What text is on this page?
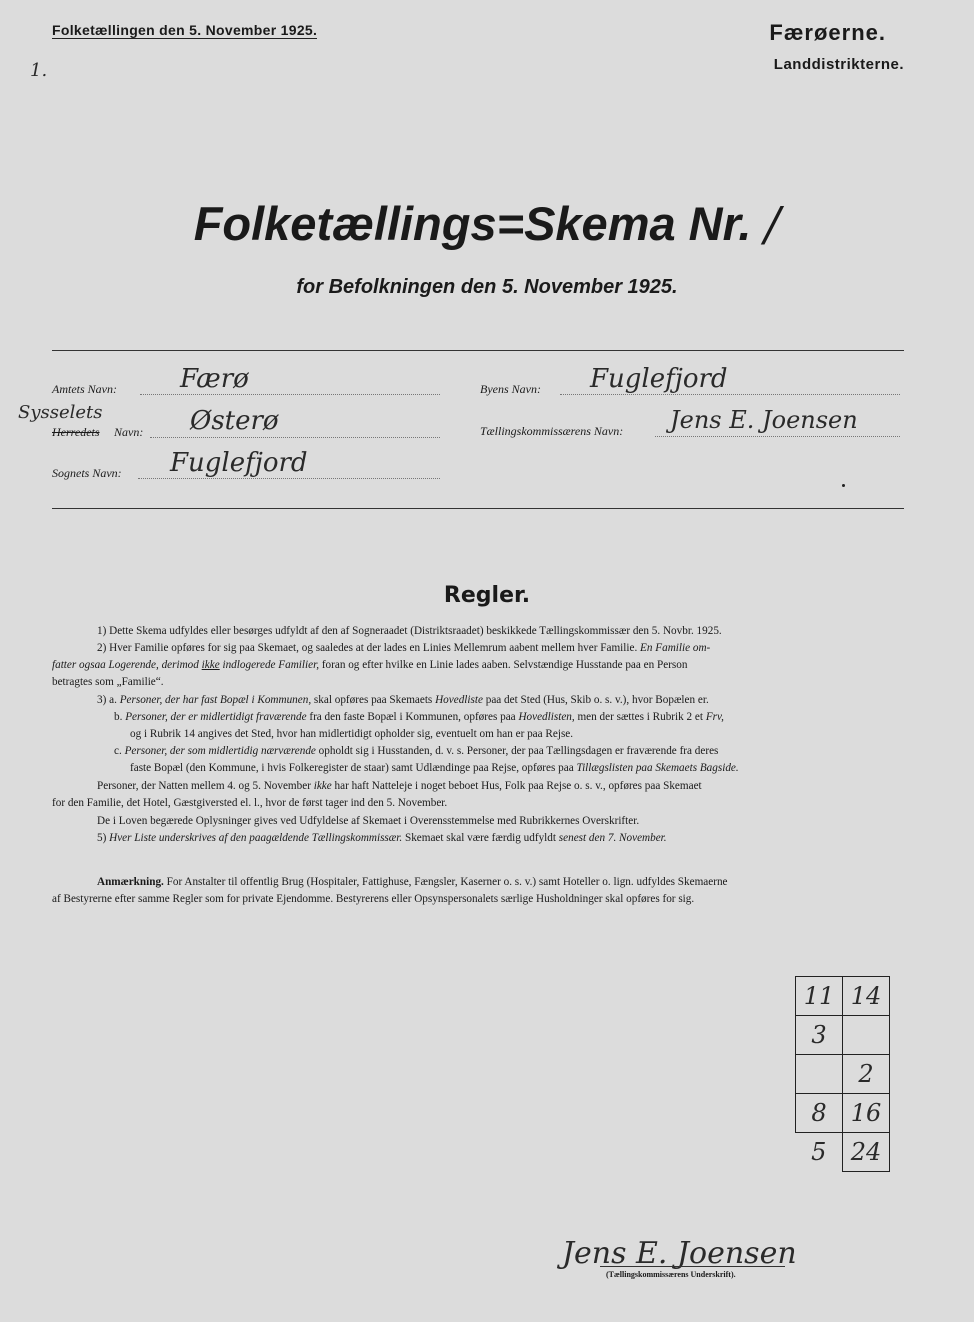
Folketællingen den 5. November 1925.	Færøerne.
Landdistrikterne.
1.
Folketællings=Skema Nr. /
for Befolkningen den 5. November 1925.
Amtets Navn: Færø	Byens Navn: Fuglefjord
Sysselets
Herredets Navn: Østerø	Tællingskommissærens Navn: Jens E. Joensen
Sognets Navn: Fuglefjord
Regler.
1) Dette Skema udfyldes eller besørges udfyldt af den af Sogneraadet (Distriktsraadet) beskikkede Tællingskommissær den 5. Novbr. 1925.
2) Hver Familie opføres for sig paa Skemaet, og saaledes at der lades en Linies Mellemrum aabent mellem hver Familie. En Familie om-
fatter ogsaa Logerende, derimod ikke indlogerede Familier, foran og efter hvilke en Linie lades aaben. Selvstændige Husstande paa en Person
betragtes som „Familie“.
3) a. Personer, der har fast Bopæl i Kommunen, skal opføres paa Skemaets Hovedliste paa det Sted (Hus, Skib o. s. v.), hvor Bopælen er.
b. Personer, der er midlertidigt fraværende fra den faste Bopæl i Kommunen, opføres paa Hovedlisten, men der sættes i Rubrik 2 et Frv,
og i Rubrik 14 angives det Sted, hvor han midlertidigt opholder sig, eventuelt om han er paa Rejse.
c. Personer, der som midlertidig nærværende opholdt sig i Husstanden, d. v. s. Personer, der paa Tællingsdagen er fraværende fra deres
faste Bopæl (den Kommune, i hvis Folkeregister de staar) samt Udlændinge paa Rejse, opføres paa Tillægslisten paa Skemaets Bagside.
Personer, der Natten mellem 4. og 5. November ikke har haft Natteleje i noget beboet Hus, Folk paa Rejse o. s. v., opføres paa Skemaet
for den Familie, det Hotel, Gæstgiversted el. l., hvor de først tager ind den 5. November.
De i Loven begærede Oplysninger gives ved Udfyldelse af Skemaet i Overensstemmelse med Rubrikkernes Overskrifter.
5) Hver Liste underskrives af den paagældende Tællingskommissær. Skemaet skal være færdig udfyldt senest den 7. November.
Anmærkning. For Anstalter til offentlig Brug (Hospitaler, Fattighuse, Fængsler, Kaserner o. s. v.) samt Hoteller o. lign. udfyldes Skemaerne
af Bestyrerne efter samme Regler som for private Ejendomme. Bestyrerens eller Opsynspersonalets særlige Husholdninger skal opføres for sig.
11	14
3	
	2
8	16
5	24
Jens E. Joensen
(Tællingskommissærens Underskrift).
